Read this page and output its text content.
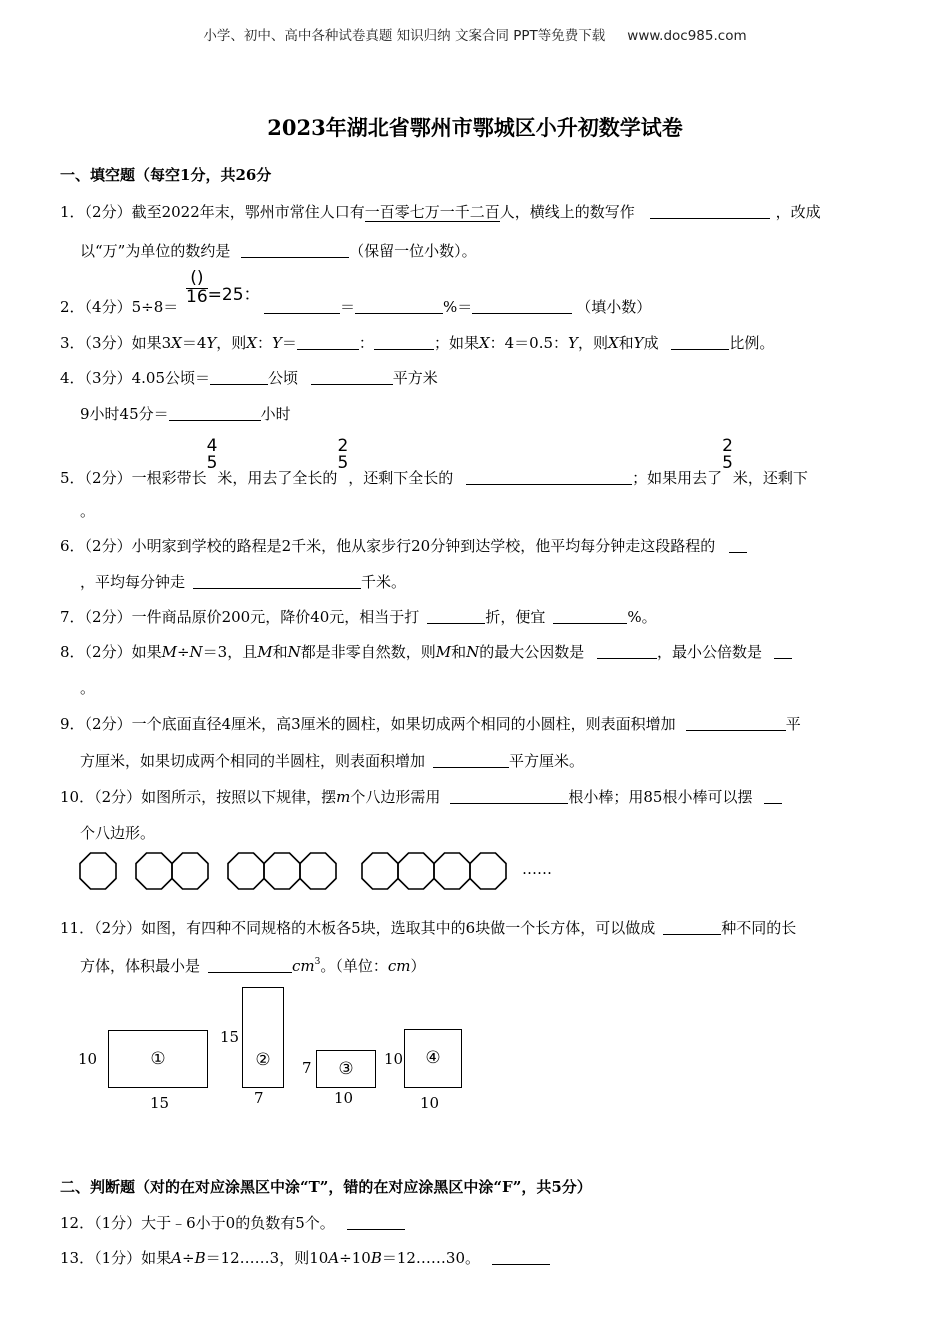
小学、初中、高中各种试卷真题 知识归纳 文案合同 PPT等免费下载 www.doc985.com
2023年湖北省鄂州市鄂城区小升初数学试卷
一、填空题（每空1分，共26分
1．（2分）截至2022年末，鄂州市常住人口有一百零七万一千二百人，横线上的数写作	，改成
以“万”为单位的数约是	（保留一位小数）。
2．（4分）5÷8＝
$\frac{()}{16} =25$：
＝	%＝	（填小数）
3．（3分）如果3X＝4Y，则X：Y＝	：	；如果X：4＝0.5：Y，则X和Y成	比例。
4．（3分）4.05公顷＝	公顷	平方米
9小时45分＝	小时
5．（2分）一根彩带长
4
5
米，用去了全长的
2
5
，还剩下全长的	；如果用去了
2
5
米，还剩下
。
6．（2分）小明家到学校的路程是2千米，他从家步行20分钟到达学校，他平均每分钟走这段路程的
，平均每分钟走	千米。
7．（2分）一件商品原价200元，降价40元，相当于打	折，便宜	%。
8．（2分）如果M÷N＝3，且M和N都是非零自然数，则M和N的最大公因数是	，最小公倍数是
。
9．（2分）一个底面直径4厘米，高3厘米的圆柱，如果切成两个相同的小圆柱，则表面积增加	平
方厘米，如果切成两个相同的半圆柱，则表面积增加	平方厘米。
10．（2分）如图所示，按照以下规律，摆m个八边形需用	根小棒；用85根小棒可以摆
个八边形。
……
11．（2分）如图，有四种不同规格的木板各5块，选取其中的6块做一个长方体，可以做成	种不同的长
方体，体积最小是	$cm^3$。（单位：cm）
①
10
15
②
15
7
③
7
10
④
10
10
二、判断题（对的在对应涂黑区中涂“T”，错的在对应涂黑区中涂“F”，共5分）
12．（1分）大于﹣6小于0的负数有5个。
13．（1分）如果A÷B＝12……3，则10A÷10B＝12……30。
